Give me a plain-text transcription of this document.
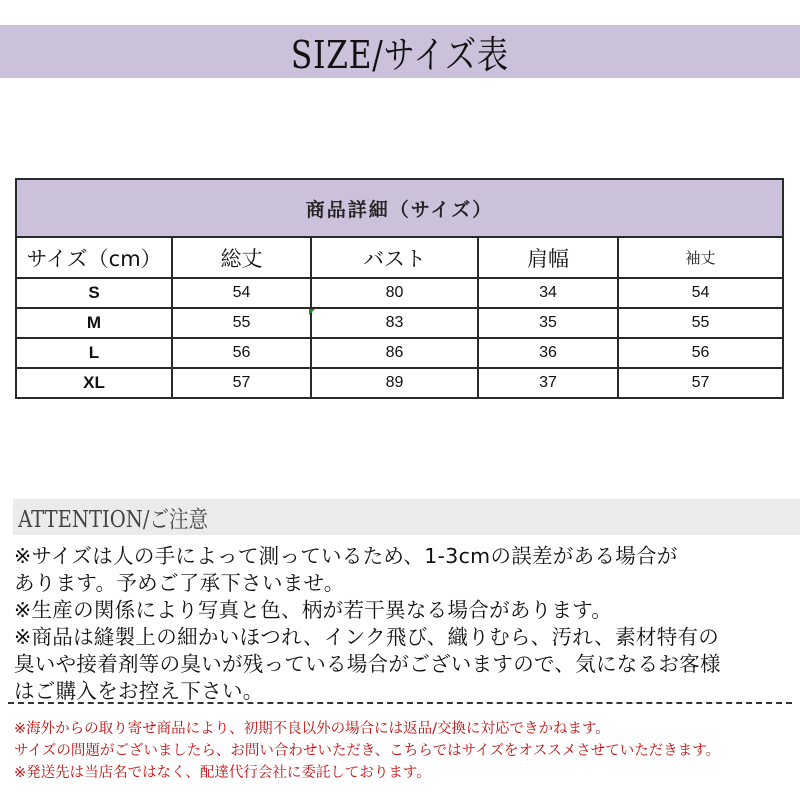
SIZE/サイズ表
商品詳細（サイズ）				
サイズ（cm）	総丈	バスト	肩幅	袖丈
S	54	80	34	54
M	55	83	35	55
L	56	86	36	56
XL	57	89	37	57
ATTENTION/ご注意
※サイズは人の手によって測っているため、1-3cmの誤差がある場合が
あります。予めご了承下さいませ。
※生産の関係により写真と色、柄が若干異なる場合があります。
※商品は縫製上の細かいほつれ、インク飛び、織りむら、汚れ、素材特有の
臭いや接着剤等の臭いが残っている場合がございますので、気になるお客様
はご購入をお控え下さい。
※海外からの取り寄せ商品により、初期不良以外の場合には返品/交換に対応できかねます。
サイズの問題がございましたら、お問い合わせいただき、こちらではサイズをオススメさせていただきます。
※発送先は当店名ではなく、配達代行会社に委託しております。
